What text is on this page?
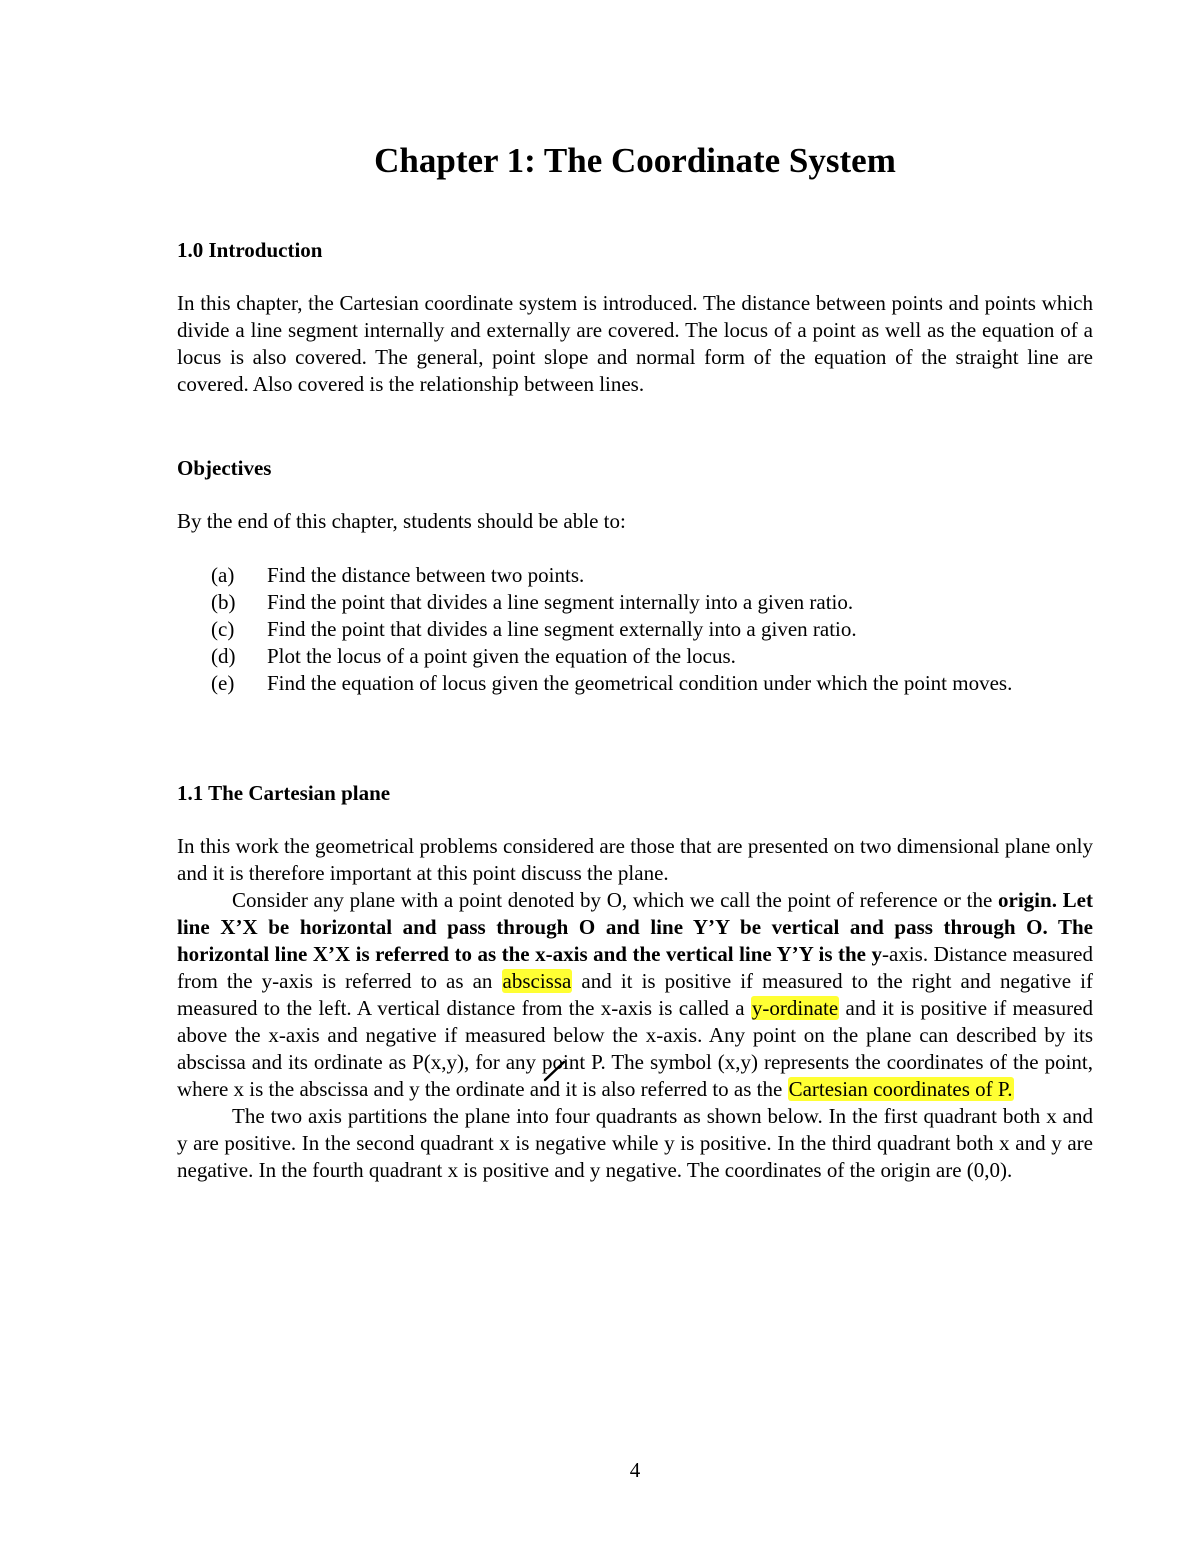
Chapter 1: The Coordinate System
1.0 Introduction

In this chapter, the Cartesian coordinate system is introduced. The distance between points and points which divide a line segment internally and externally are covered. The locus of a point as well as the equation of a locus is also covered. The general, point slope and normal form of the equation of the straight line are covered. Also covered is the relationship between lines.

Objectives

By the end of this chapter, students should be able to:

(a)	Find the distance between two points.
(b)	Find the point that divides a line segment internally into a given ratio.
(c)	Find the point that divides a line segment externally into a given ratio.
(d)	Plot the locus of a point given the equation of the locus.
(e)	Find the equation of locus given the geometrical condition under which the point moves.
1.1 The Cartesian plane

In this work the geometrical problems considered are those that are presented on two dimensional plane only and it is therefore important at this point discuss the plane.

Consider any plane with a point denoted by O, which we call the point of reference or the origin. Let line X’X be horizontal and pass through O and line Y’Y be vertical and pass through O. The horizontal line X’X is referred to as the x-axis and the vertical line Y’Y is the y-axis. Distance measured from the y-axis is referred to as an abscissa and it is positive if measured to the right and negative if measured to the left. A vertical distance from the x-axis is called a y-ordinate and it is positive if measured above the x-axis and negative if measured below the x-axis. Any point on the plane can described by its abscissa and its ordinate as P(x,y), for any point P. The symbol (x,y) represents the coordinates of the point, where x is the abscissa and y the ordinate and it is also referred to as the Cartesian coordinates of P.

The two axis partitions the plane into four quadrants as shown below. In the first quadrant both x and y are positive. In the second quadrant x is negative while y is positive. In the third quadrant both x and y are negative. In the fourth quadrant x is positive and y negative. The coordinates of the origin are (0,0).

4
